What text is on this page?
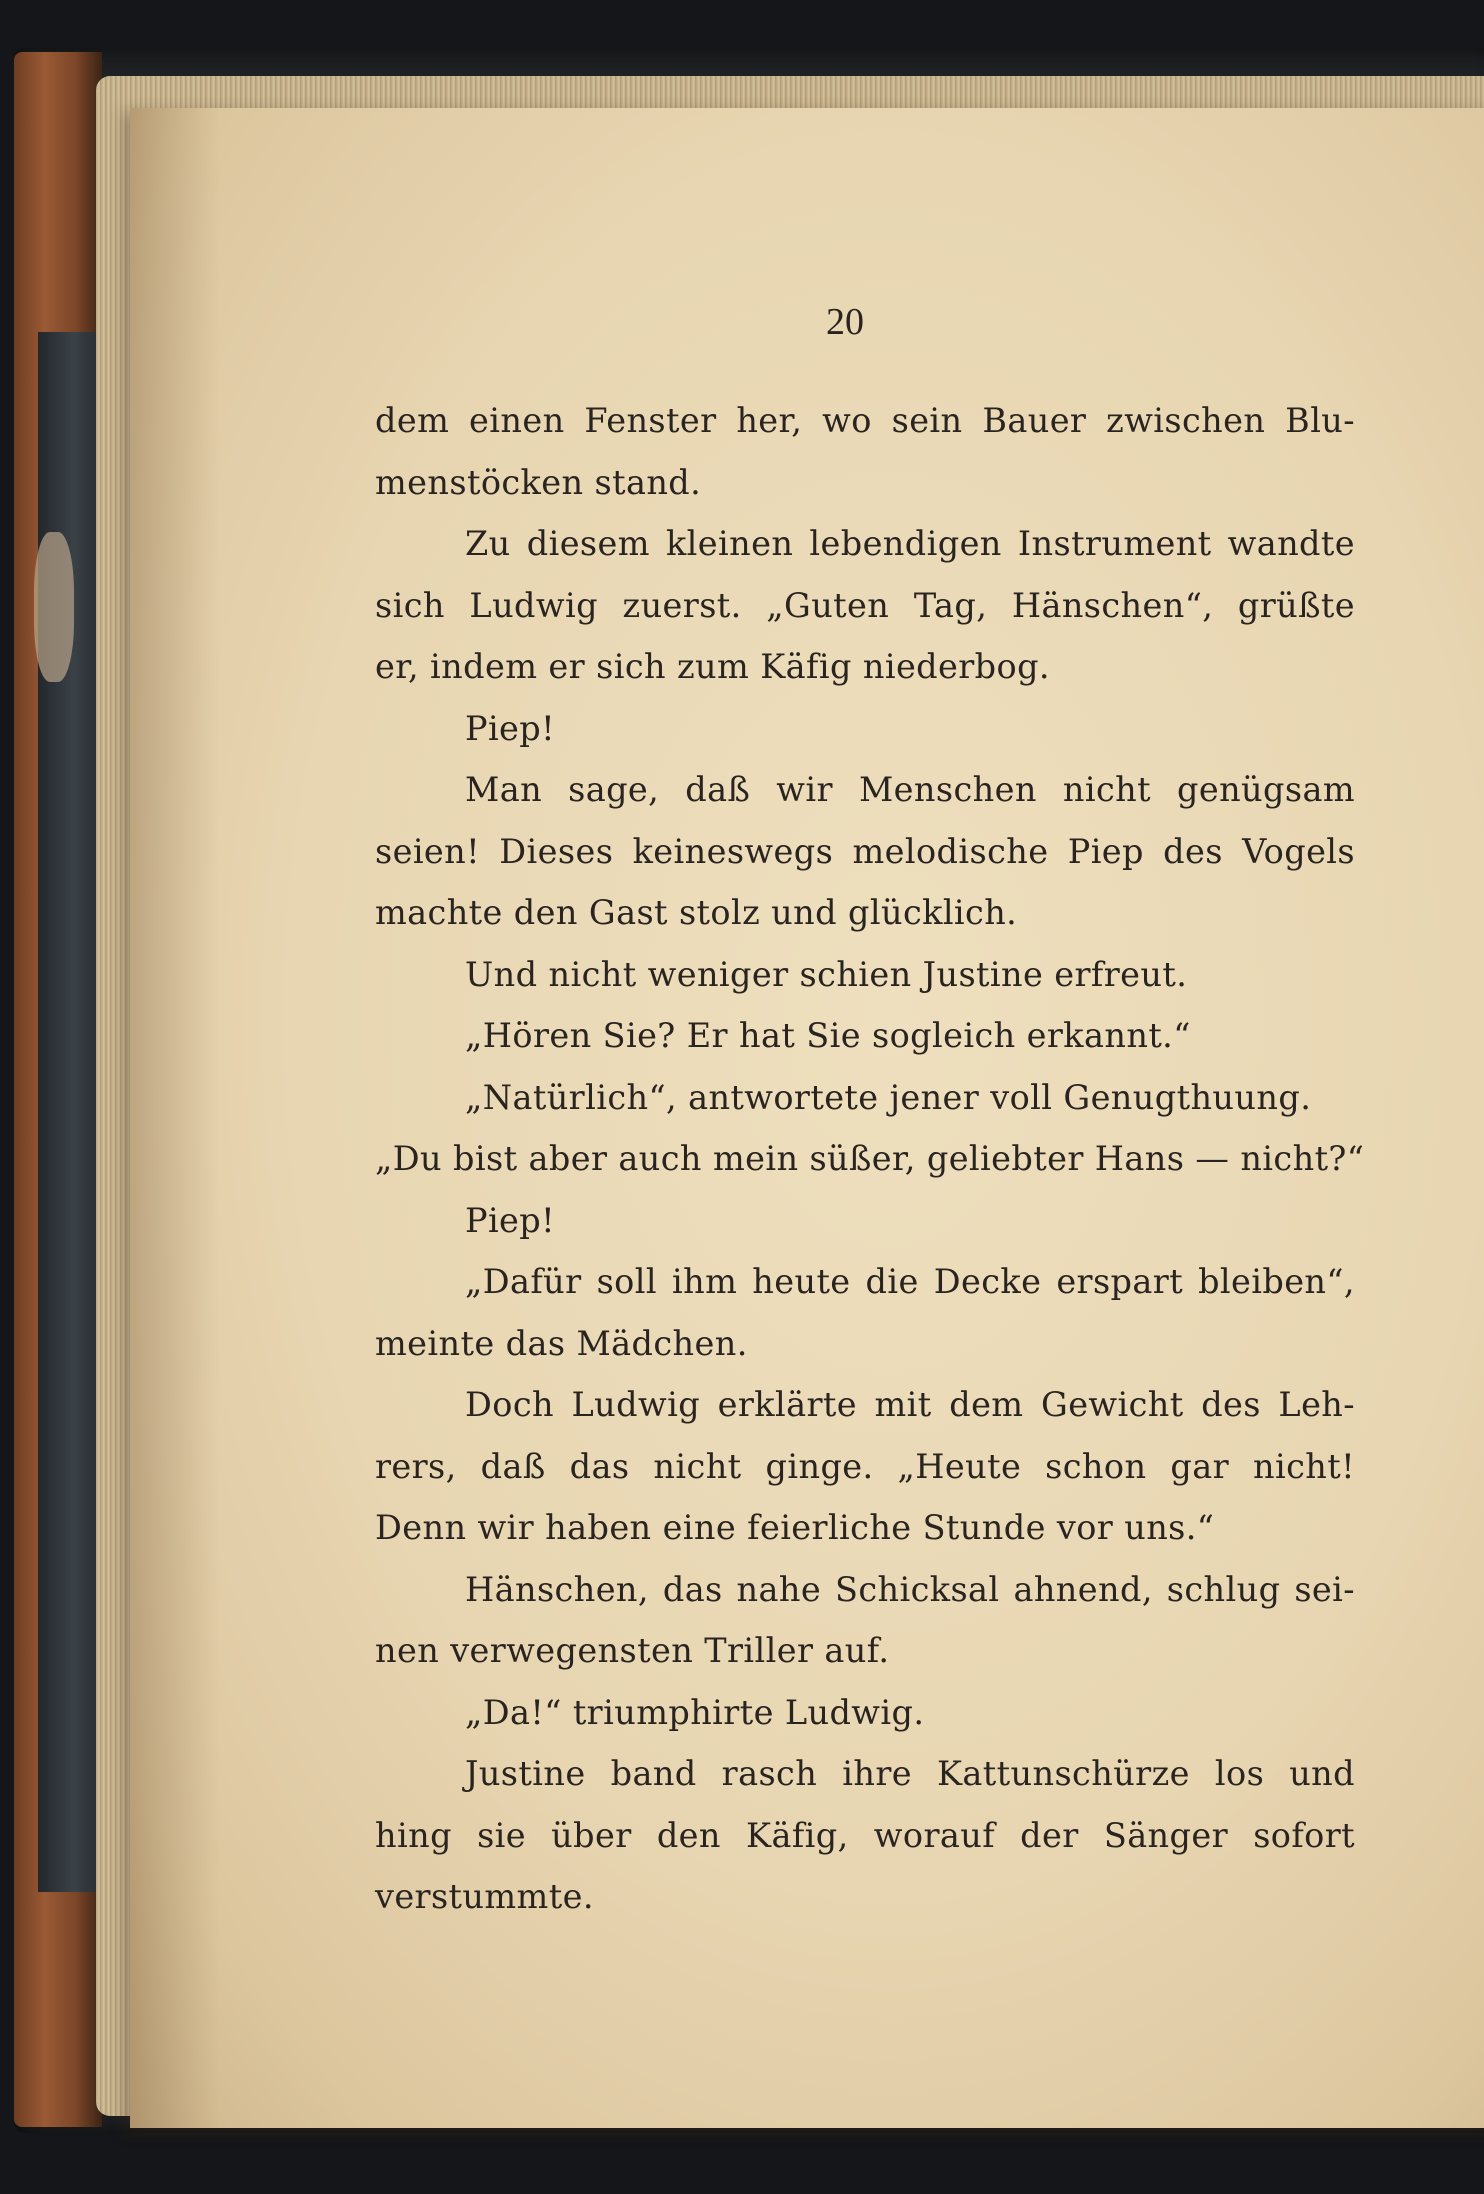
20

dem einen Fenster her, wo sein Bauer zwischen Blu-

menstöcken stand.

Zu diesem kleinen lebendigen Instrument wandte

sich Ludwig zuerst. „Guten Tag, Hänschen“, grüßte

er, indem er sich zum Käfig niederbog.

Piep!

Man sage, daß wir Menschen nicht genügsam

seien! Dieses keineswegs melodische Piep des Vogels

machte den Gast stolz und glücklich.

Und nicht weniger schien Justine erfreut.

„Hören Sie? Er hat Sie sogleich erkannt.“

„Natürlich“, antwortete jener voll Genugthuung.

„Du bist aber auch mein süßer, geliebter Hans — nicht?“

Piep!

„Dafür soll ihm heute die Decke erspart bleiben“,

meinte das Mädchen.

Doch Ludwig erklärte mit dem Gewicht des Leh-

rers, daß das nicht ginge. „Heute schon gar nicht!

Denn wir haben eine feierliche Stunde vor uns.“

Hänschen, das nahe Schicksal ahnend, schlug sei-

nen verwegensten Triller auf.

„Da!“ triumphirte Ludwig.

Justine band rasch ihre Kattunschürze los und

hing sie über den Käfig, worauf der Sänger sofort

verstummte.
